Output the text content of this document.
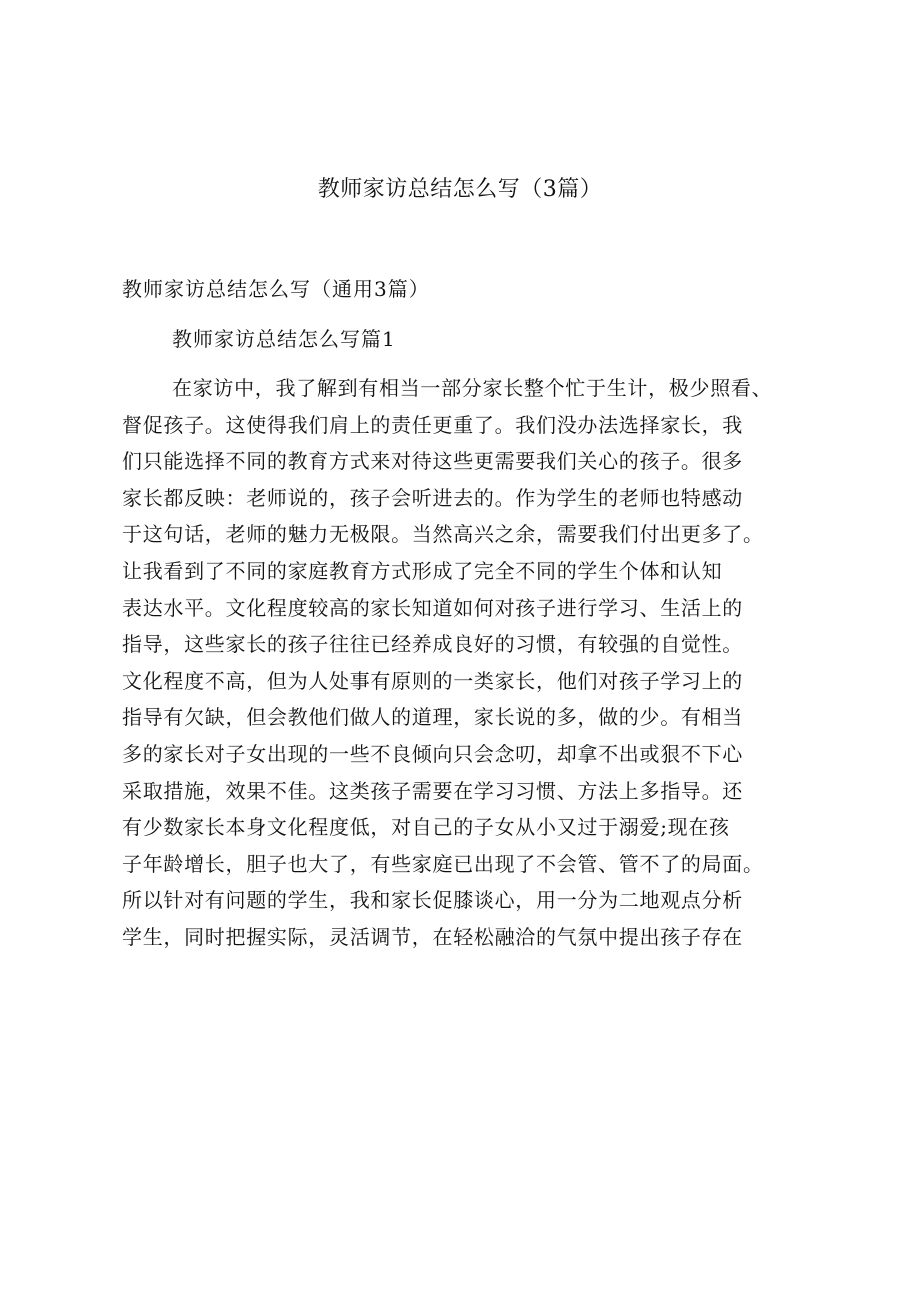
教师家访总结怎么写（3篇）
教师家访总结怎么写（通用3篇）
教师家访总结怎么写篇1
在家访中，我了解到有相当一部分家长整个忙于生计，极少照看、
督促孩子。这使得我们肩上的责任更重了。我们没办法选择家长，我
们只能选择不同的教育方式来对待这些更需要我们关心的孩子。很多
家长都反映：老师说的，孩子会听进去的。作为学生的老师也特感动
于这句话，老师的魅力无极限。当然高兴之余，需要我们付出更多了。
让我看到了不同的家庭教育方式形成了完全不同的学生个体和认知
表达水平。文化程度较高的家长知道如何对孩子进行学习、生活上的
指导，这些家长的孩子往往已经养成良好的习惯，有较强的自觉性。
文化程度不高，但为人处事有原则的一类家长，他们对孩子学习上的
指导有欠缺，但会教他们做人的道理，家长说的多，做的少。有相当
多的家长对子女出现的一些不良倾向只会念叨，却拿不出或狠不下心
采取措施，效果不佳。这类孩子需要在学习习惯、方法上多指导。还
有少数家长本身文化程度低，对自己的子女从小又过于溺爱;现在孩
子年龄增长，胆子也大了，有些家庭已出现了不会管、管不了的局面。
所以针对有问题的学生，我和家长促膝谈心，用一分为二地观点分析
学生，同时把握实际，灵活调节，在轻松融洽的气氛中提出孩子存在
